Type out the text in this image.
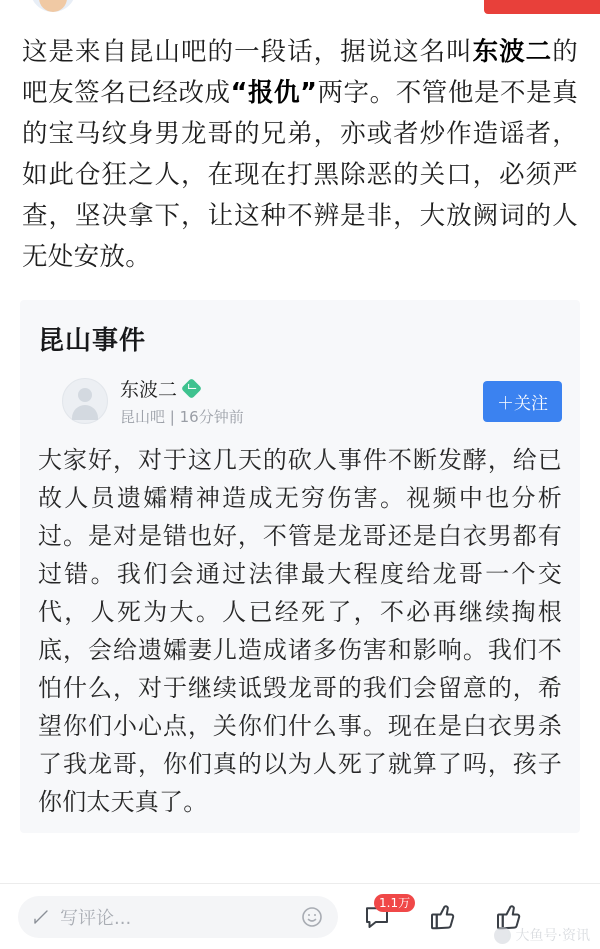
这是来自昆山吧的一段话，据说这名叫东波二的吧友签名已经改成“报仇”两字。不管他是不是真的宝马纹身男龙哥的兄弟，亦或者炒作造谣者，如此仓狂之人，在现在打黑除恶的关口，必须严查，坚决拿下，让这种不辨是非，大放阙词的人无处安放。
昆山事件
东波二
昆山吧 | 16分钟前
＋关注
大家好，对于这几天的砍人事件不断发酵，给已故人员遗孀精神造成无穷伤害。视频中也分析过。是对是错也好，不管是龙哥还是白衣男都有过错。我们会通过法律最大程度给龙哥一个交代，人死为大。人已经死了，不必再继续掏根底，会给遗孀妻儿造成诸多伤害和影响。我们不怕什么，对于继续诋毁龙哥的我们会留意的，希望你们小心点，关你们什么事。现在是白衣男杀了我龙哥，你们真的以为人死了就算了吗，孩子你们太天真了。
写评论...
1.1万
大鱼号·资讯
